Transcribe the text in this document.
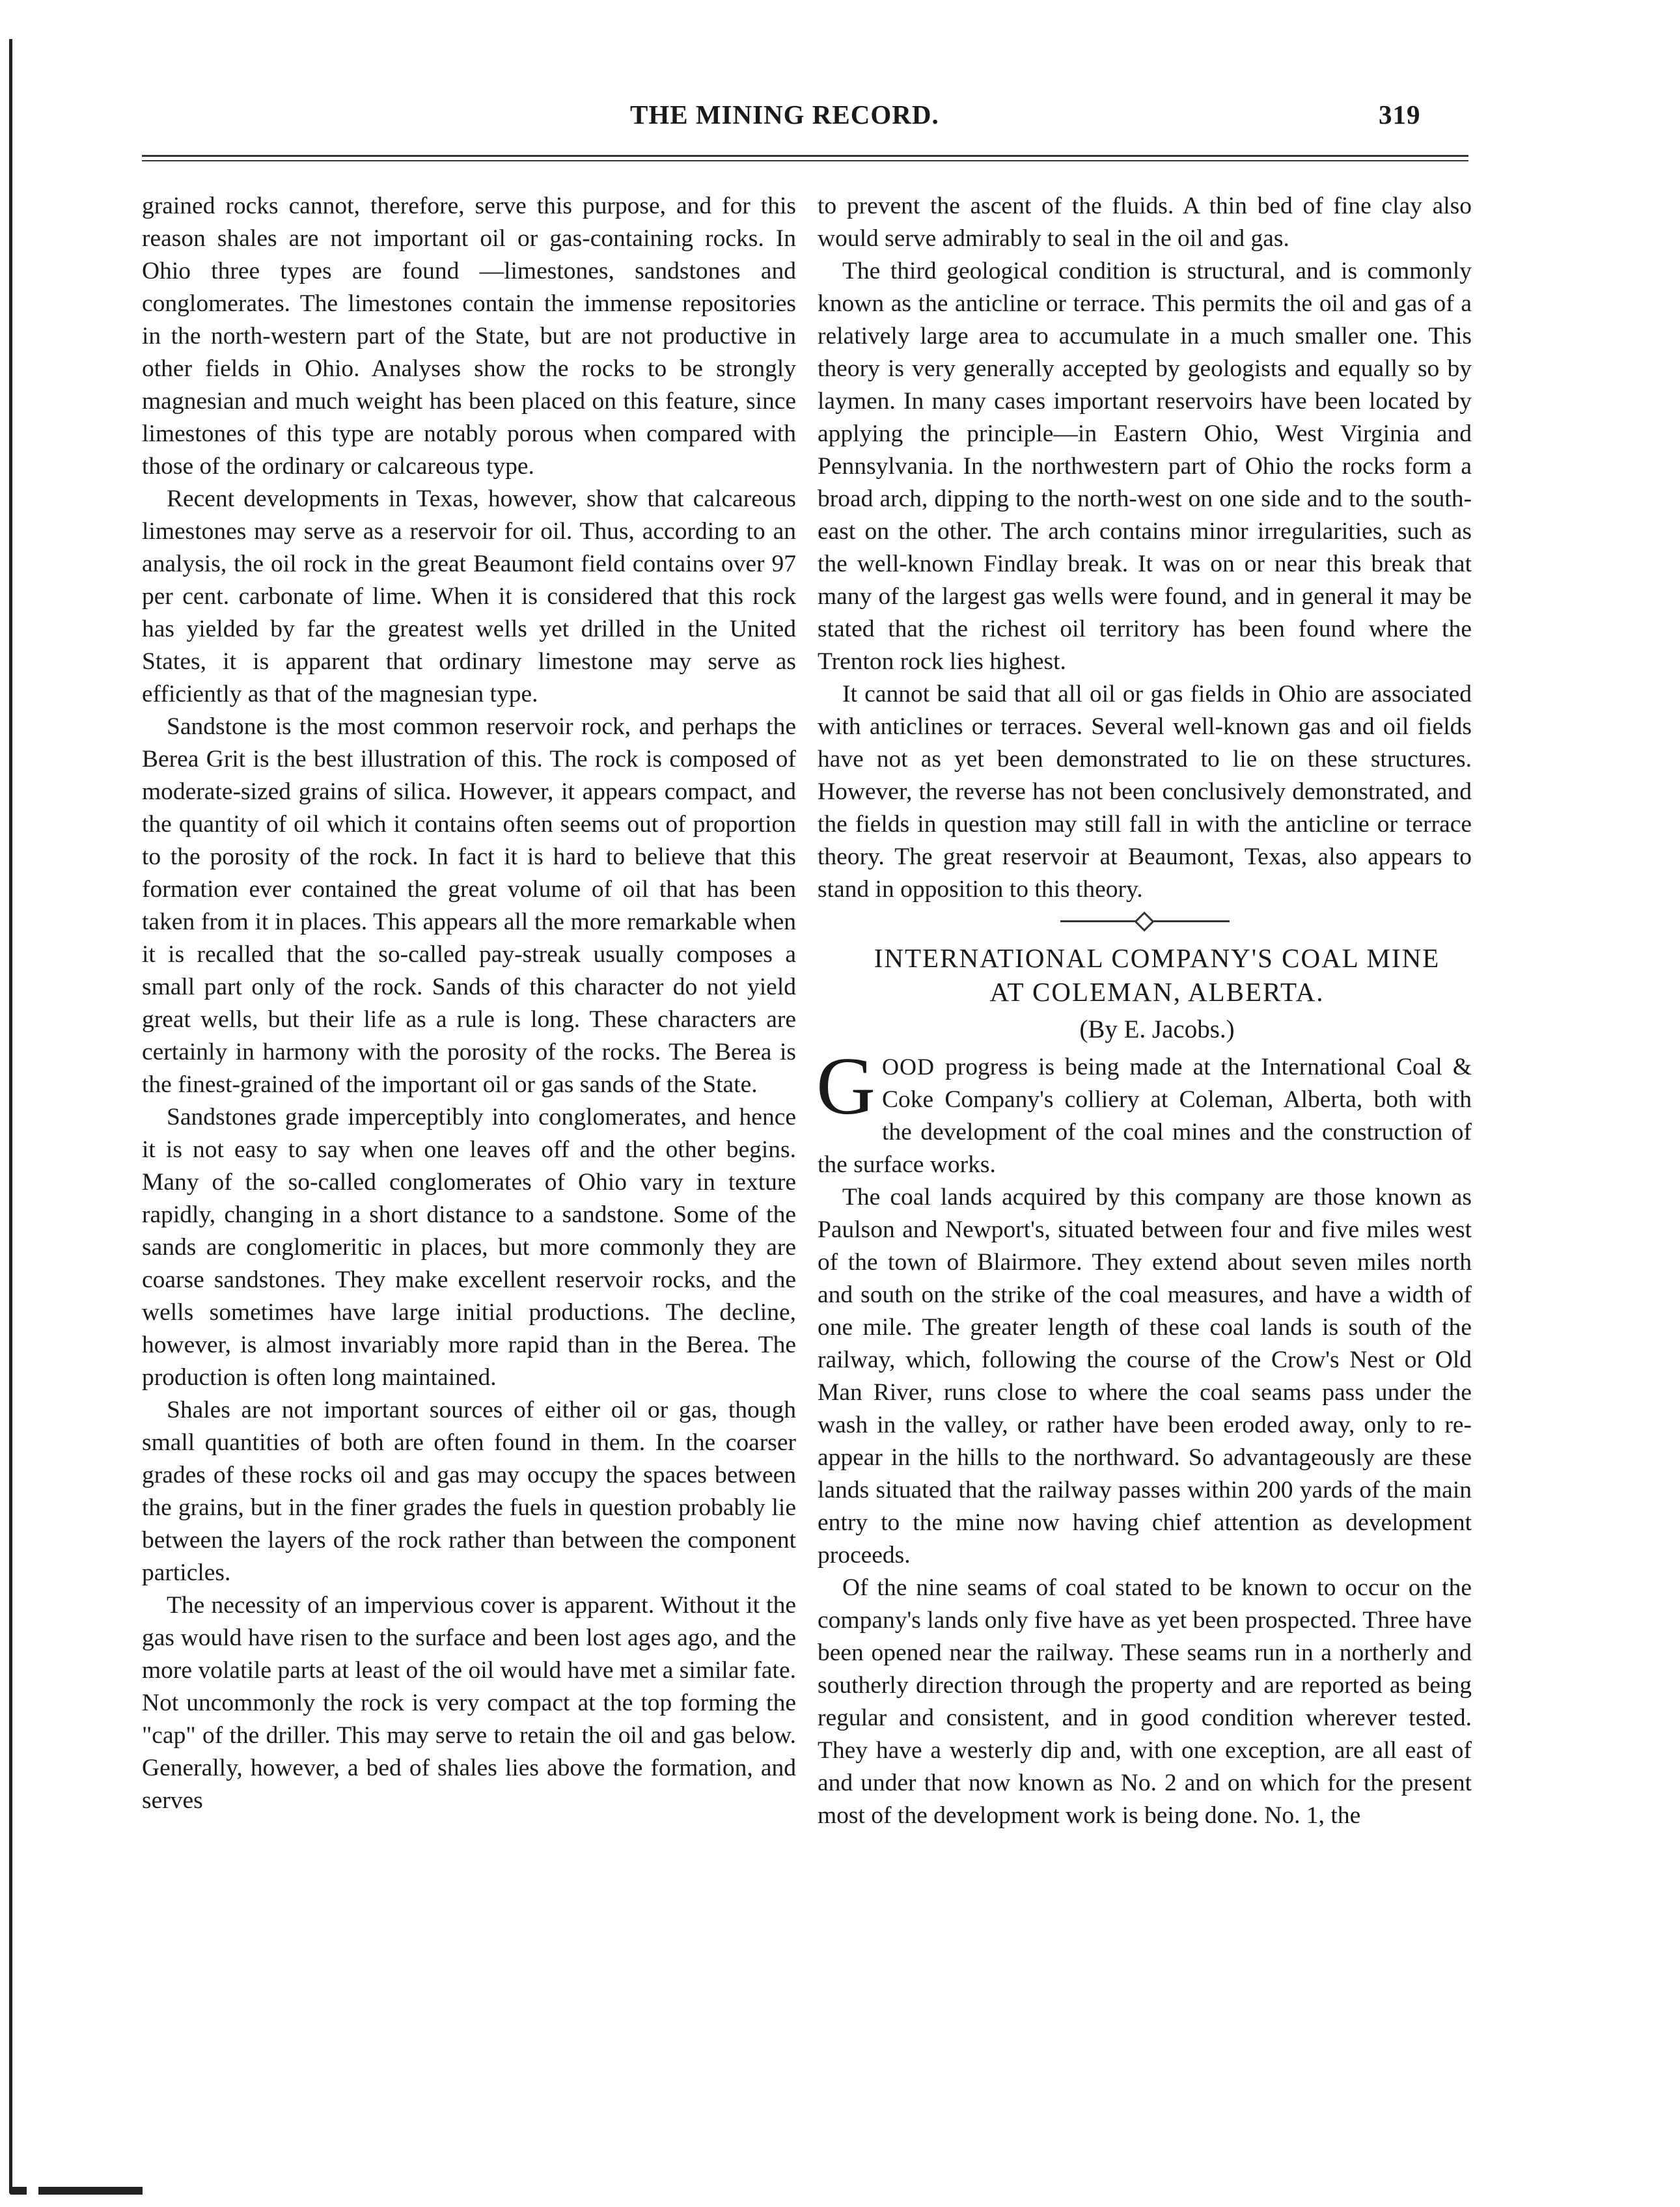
THE MINING RECORD.	319

grained rocks cannot, therefore, serve this purpose, and for this reason shales are not important oil or gas-containing rocks. In Ohio three types are found —limestones, sandstones and conglomerates. The limestones contain the immense repositories in the north-western part of the State, but are not productive in other fields in Ohio. Analyses show the rocks to be strongly magnesian and much weight has been placed on this feature, since limestones of this type are notably porous when compared with those of the ordinary or calcareous type.

Recent developments in Texas, however, show that calcareous limestones may serve as a reservoir for oil. Thus, according to an analysis, the oil rock in the great Beaumont field contains over 97 per cent. carbonate of lime. When it is considered that this rock has yielded by far the greatest wells yet drilled in the United States, it is apparent that ordinary limestone may serve as efficiently as that of the magnesian type.

Sandstone is the most common reservoir rock, and perhaps the Berea Grit is the best illustration of this. The rock is composed of moderate-sized grains of silica. However, it appears compact, and the quantity of oil which it contains often seems out of proportion to the porosity of the rock. In fact it is hard to believe that this formation ever contained the great volume of oil that has been taken from it in places. This appears all the more remarkable when it is recalled that the so-called pay-streak usually composes a small part only of the rock. Sands of this character do not yield great wells, but their life as a rule is long. These characters are certainly in harmony with the porosity of the rocks. The Berea is the finest-grained of the important oil or gas sands of the State.

Sandstones grade imperceptibly into conglomerates, and hence it is not easy to say when one leaves off and the other begins. Many of the so-called conglomerates of Ohio vary in texture rapidly, changing in a short distance to a sandstone. Some of the sands are conglomeritic in places, but more commonly they are coarse sandstones. They make excellent reservoir rocks, and the wells sometimes have large initial productions. The decline, however, is almost invariably more rapid than in the Berea. The production is often long maintained.

Shales are not important sources of either oil or gas, though small quantities of both are often found in them. In the coarser grades of these rocks oil and gas may occupy the spaces between the grains, but in the finer grades the fuels in question probably lie between the layers of the rock rather than between the component particles.

The necessity of an impervious cover is apparent. Without it the gas would have risen to the surface and been lost ages ago, and the more volatile parts at least of the oil would have met a similar fate. Not uncommonly the rock is very compact at the top forming the "cap" of the driller. This may serve to retain the oil and gas below. Generally, however, a bed of shales lies above the formation, and serves

to prevent the ascent of the fluids. A thin bed of fine clay also would serve admirably to seal in the oil and gas.

The third geological condition is structural, and is commonly known as the anticline or terrace. This permits the oil and gas of a relatively large area to accumulate in a much smaller one. This theory is very generally accepted by geologists and equally so by laymen. In many cases important reservoirs have been located by applying the principle—in Eastern Ohio, West Virginia and Pennsylvania. In the northwestern part of Ohio the rocks form a broad arch, dipping to the north-west on one side and to the south-east on the other. The arch contains minor irregularities, such as the well-known Findlay break. It was on or near this break that many of the largest gas wells were found, and in general it may be stated that the richest oil territory has been found where the Trenton rock lies highest.

It cannot be said that all oil or gas fields in Ohio are associated with anticlines or terraces. Several well-known gas and oil fields have not as yet been demonstrated to lie on these structures. However, the reverse has not been conclusively demonstrated, and the fields in question may still fall in with the anticline or terrace theory. The great reservoir at Beaumont, Texas, also appears to stand in opposition to this theory.

INTERNATIONAL COMPANY'S COAL MINE

AT COLEMAN, ALBERTA.

(By E. Jacobs.)

GOOD progress is being made at the International Coal & Coke Company's colliery at Coleman, Alberta, both with the development of the coal mines and the construction of the surface works.

The coal lands acquired by this company are those known as Paulson and Newport's, situated between four and five miles west of the town of Blairmore. They extend about seven miles north and south on the strike of the coal measures, and have a width of one mile. The greater length of these coal lands is south of the railway, which, following the course of the Crow's Nest or Old Man River, runs close to where the coal seams pass under the wash in the valley, or rather have been eroded away, only to re-appear in the hills to the northward. So advantageously are these lands situated that the railway passes within 200 yards of the main entry to the mine now having chief attention as development proceeds.

Of the nine seams of coal stated to be known to occur on the company's lands only five have as yet been prospected. Three have been opened near the railway. These seams run in a northerly and southerly direction through the property and are reported as being regular and consistent, and in good condition wherever tested. They have a westerly dip and, with one exception, are all east of and under that now known as No. 2 and on which for the present most of the development work is being done. No. 1, the
